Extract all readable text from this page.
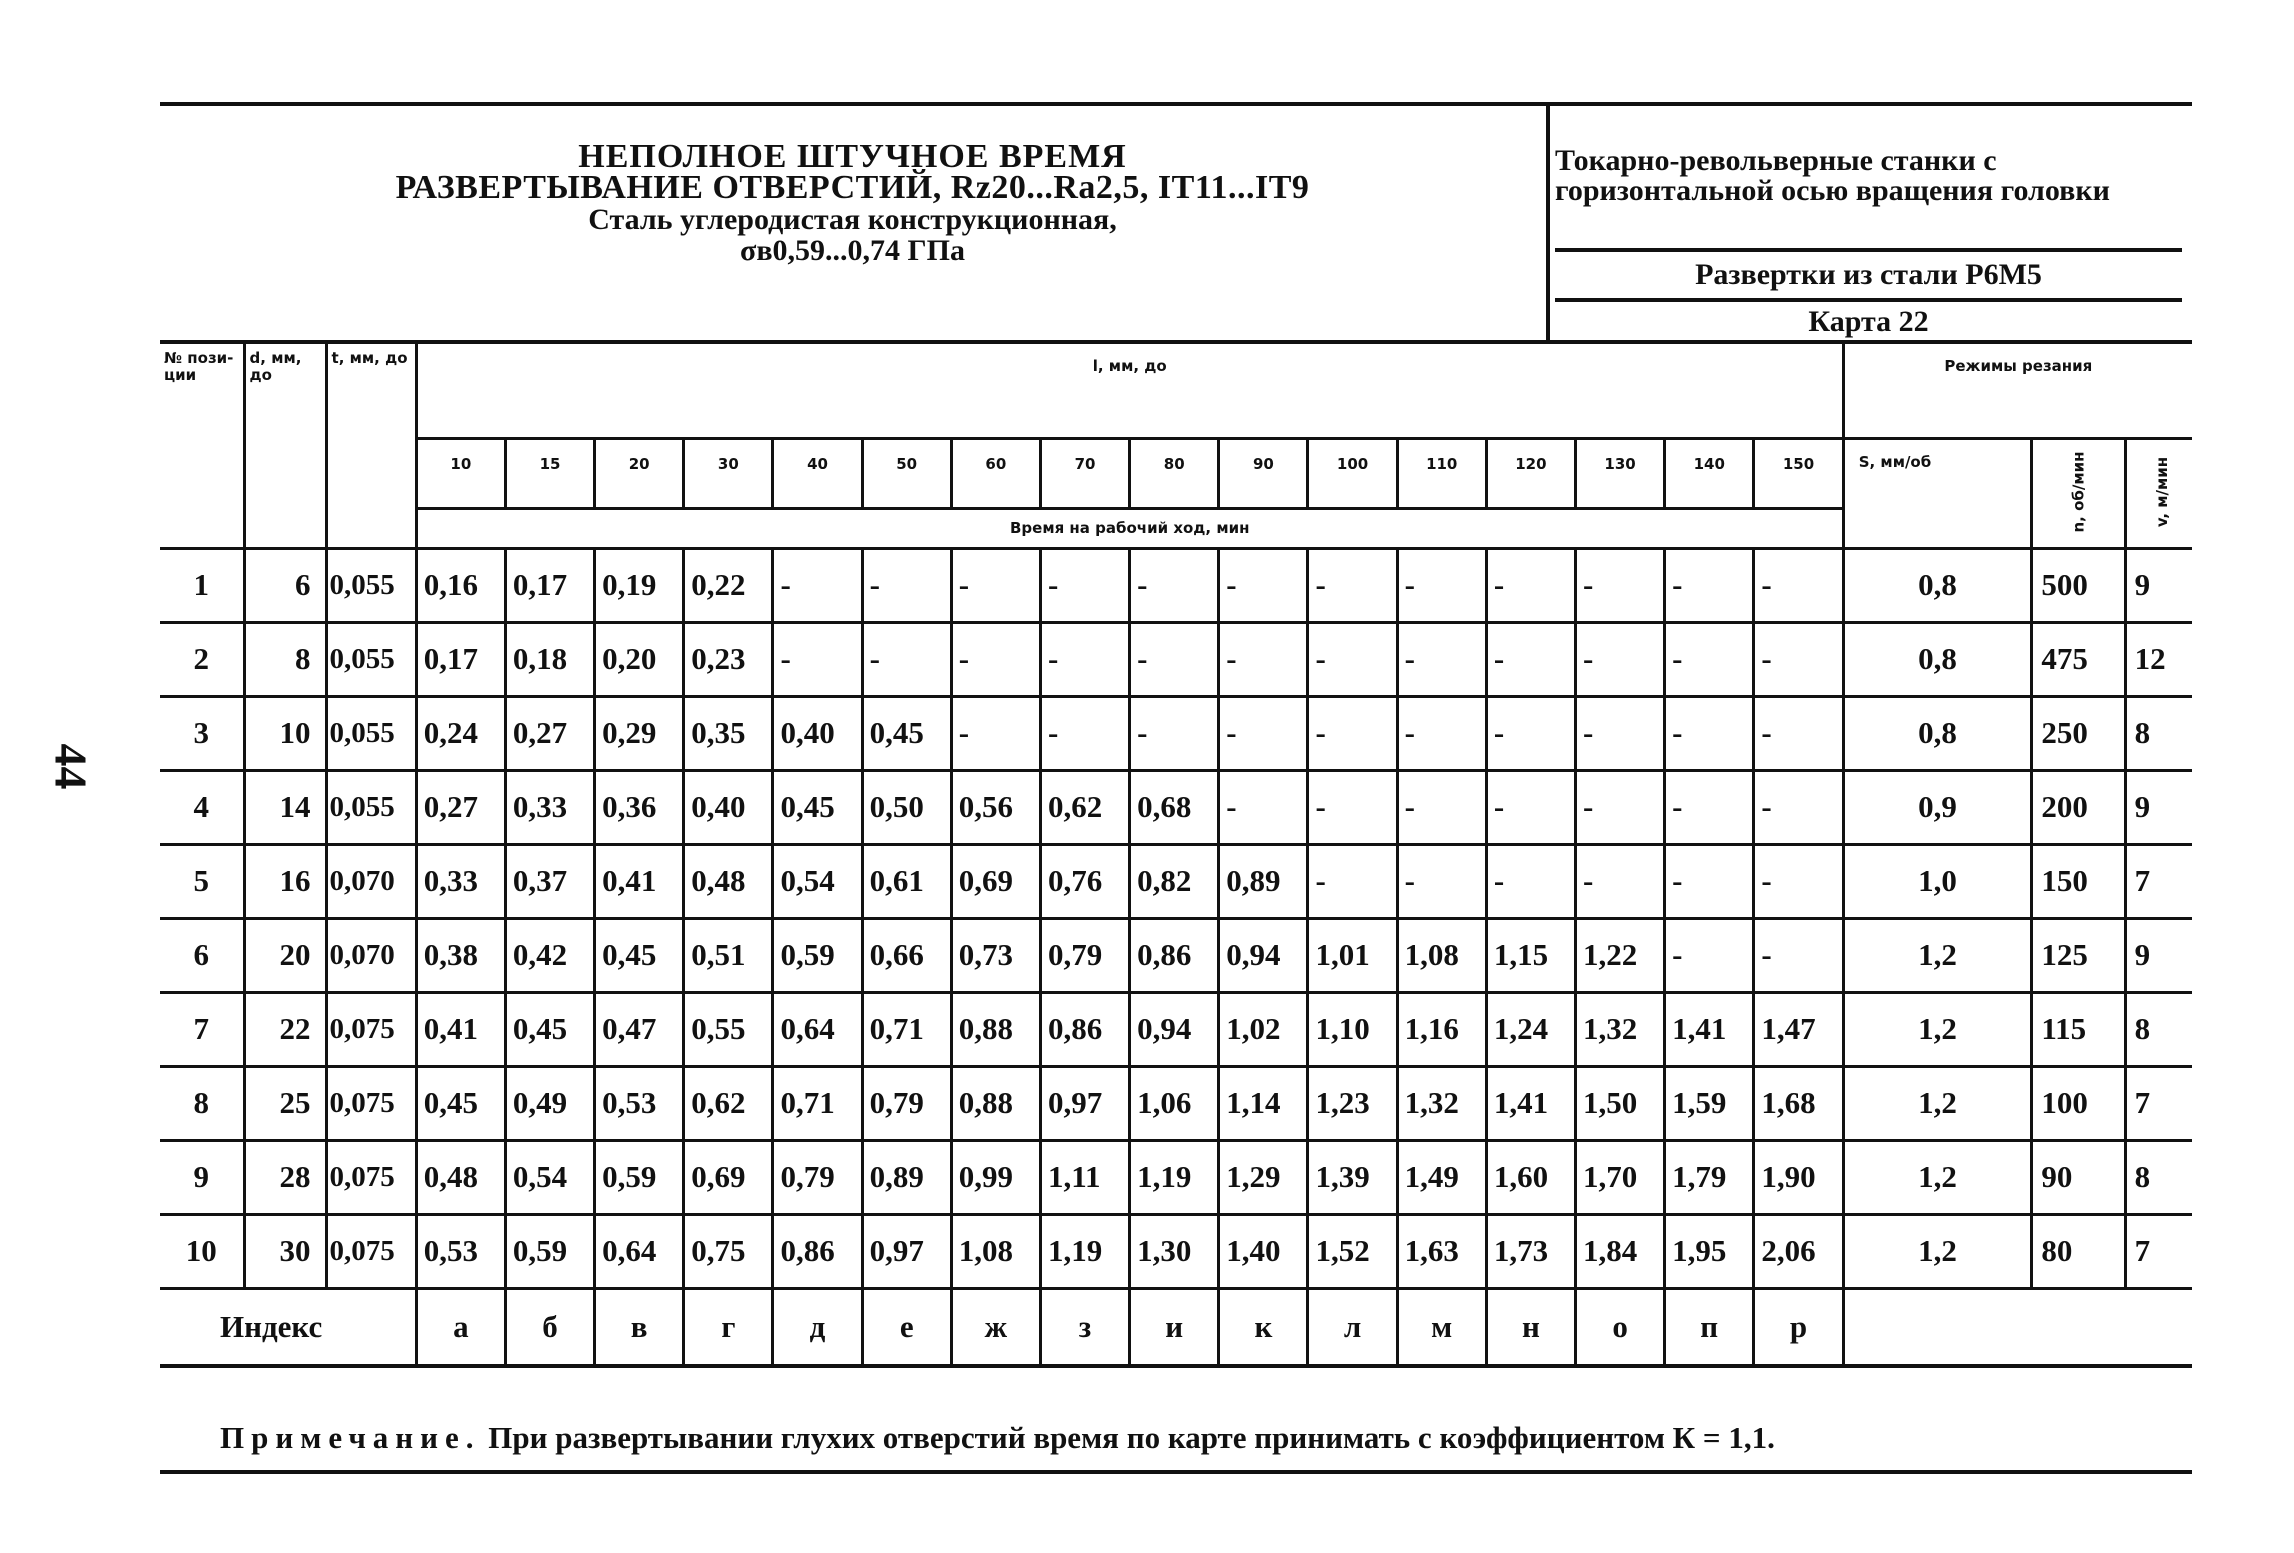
44
НЕПОЛНОЕ ШТУЧНОЕ ВРЕМЯ
РАЗВЕРТЫВАНИЕ ОТВЕРСТИЙ, Rz20...Ra2,5, IT11...IT9
Сталь углеродистая конструкционная,
σв0,59...0,74 ГПа
Токарно-револьверные станки с
горизонтальной осью вращения головки
Развертки из стали Р6М5
Карта 22
№ пози- ции	d, мм, до	t, мм, до	l, мм, до																Режимы резания		
			10	15	20	30	40	50	60	70	80	90	100	110	120	130	140	150	S, мм/об	n, об/мин	v, м/мин
			Время на рабочий ход, мин																		
1	6	0,055	0,16	0,17	0,19	0,22	-	-	-	-	-	-	-	-	-	-	-	-	0,8	500	9
2	8	0,055	0,17	0,18	0,20	0,23	-	-	-	-	-	-	-	-	-	-	-	-	0,8	475	12
3	10	0,055	0,24	0,27	0,29	0,35	0,40	0,45	-	-	-	-	-	-	-	-	-	-	0,8	250	8
4	14	0,055	0,27	0,33	0,36	0,40	0,45	0,50	0,56	0,62	0,68	-	-	-	-	-	-	-	0,9	200	9
5	16	0,070	0,33	0,37	0,41	0,48	0,54	0,61	0,69	0,76	0,82	0,89	-	-	-	-	-	-	1,0	150	7
6	20	0,070	0,38	0,42	0,45	0,51	0,59	0,66	0,73	0,79	0,86	0,94	1,01	1,08	1,15	1,22	-	-	1,2	125	9
7	22	0,075	0,41	0,45	0,47	0,55	0,64	0,71	0,88	0,86	0,94	1,02	1,10	1,16	1,24	1,32	1,41	1,47	1,2	115	8
8	25	0,075	0,45	0,49	0,53	0,62	0,71	0,79	0,88	0,97	1,06	1,14	1,23	1,32	1,41	1,50	1,59	1,68	1,2	100	7
9	28	0,075	0,48	0,54	0,59	0,69	0,79	0,89	0,99	1,11	1,19	1,29	1,39	1,49	1,60	1,70	1,79	1,90	1,2	90	8
10	30	0,075	0,53	0,59	0,64	0,75	0,86	0,97	1,08	1,19	1,30	1,40	1,52	1,63	1,73	1,84	1,95	2,06	1,2	80	7
Индекс			а	б	в	г	д	е	ж	з	и	к	л	м	н	о	п	р			
Примечание. При развертывании глухих отверстий время по карте принимать с коэффициентом К = 1,1.
